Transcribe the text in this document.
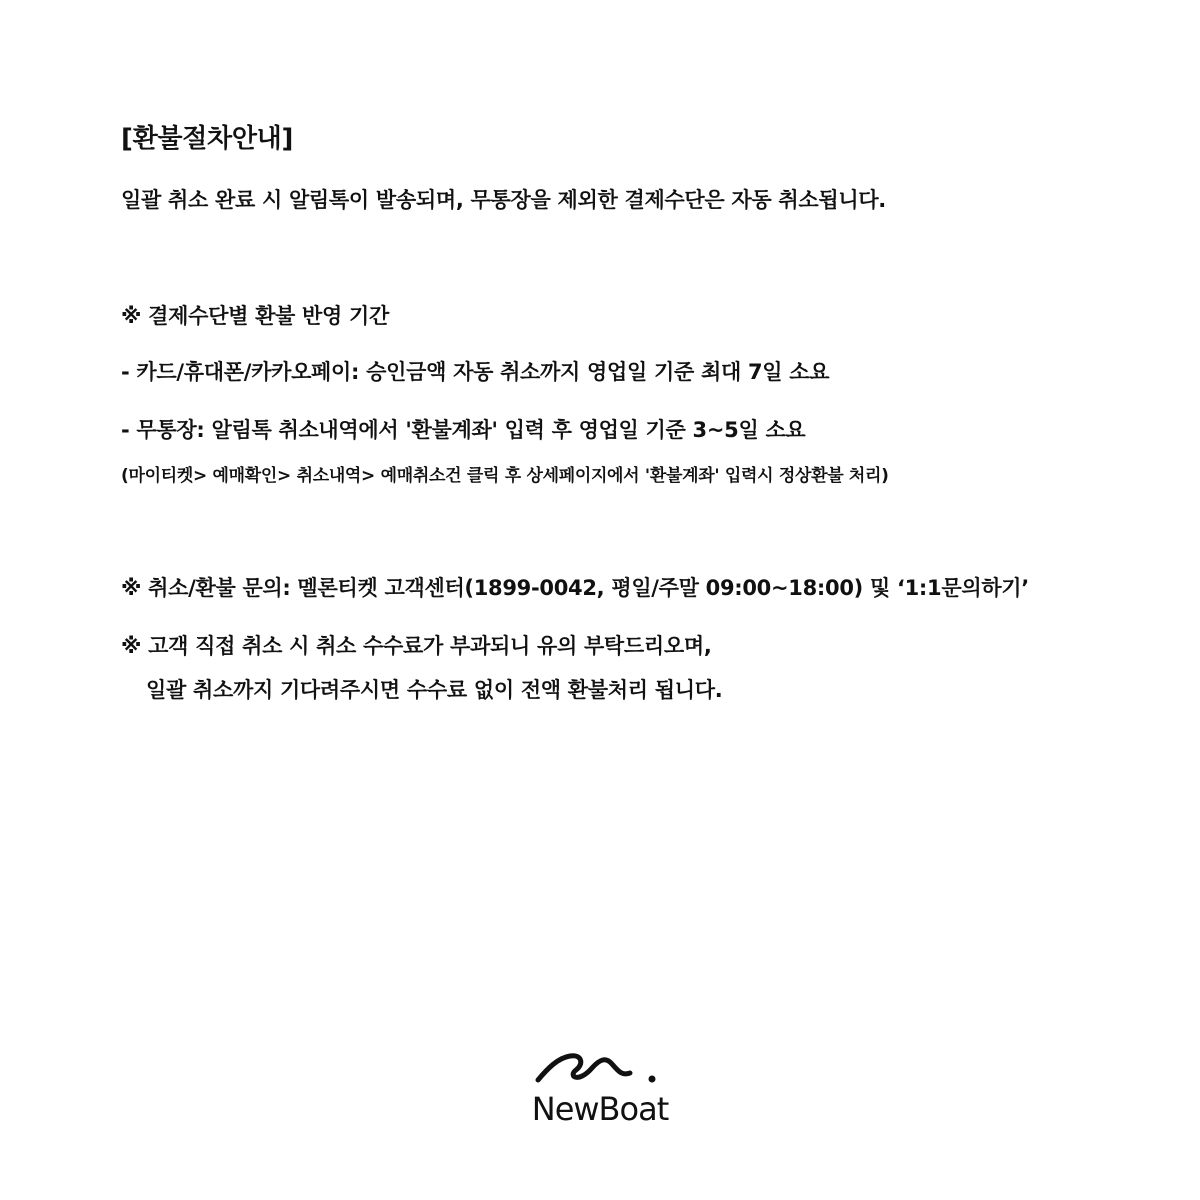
[환불절차안내]
일괄 취소 완료 시 알림톡이 발송되며, 무통장을 제외한 결제수단은 자동 취소됩니다.
※ 결제수단별 환불 반영 기간
- 카드/휴대폰/카카오페이: 승인금액 자동 취소까지 영업일 기준 최대 7일 소요
- 무통장: 알림톡 취소내역에서 '환불계좌' 입력 후 영업일 기준 3~5일 소요
(마이티켓> 예매확인> 취소내역> 예매취소건 클릭 후 상세페이지에서 '환불계좌' 입력시 정상환불 처리)
※ 취소/환불 문의: 멜론티켓 고객센터(1899-0042, 평일/주말 09:00~18:00) 및 ‘1:1문의하기’
※ 고객 직접 취소 시 취소 수수료가 부과되니 유의 부탁드리오며,
일괄 취소까지 기다려주시면 수수료 없이 전액 환불처리 됩니다.
NewBoat
